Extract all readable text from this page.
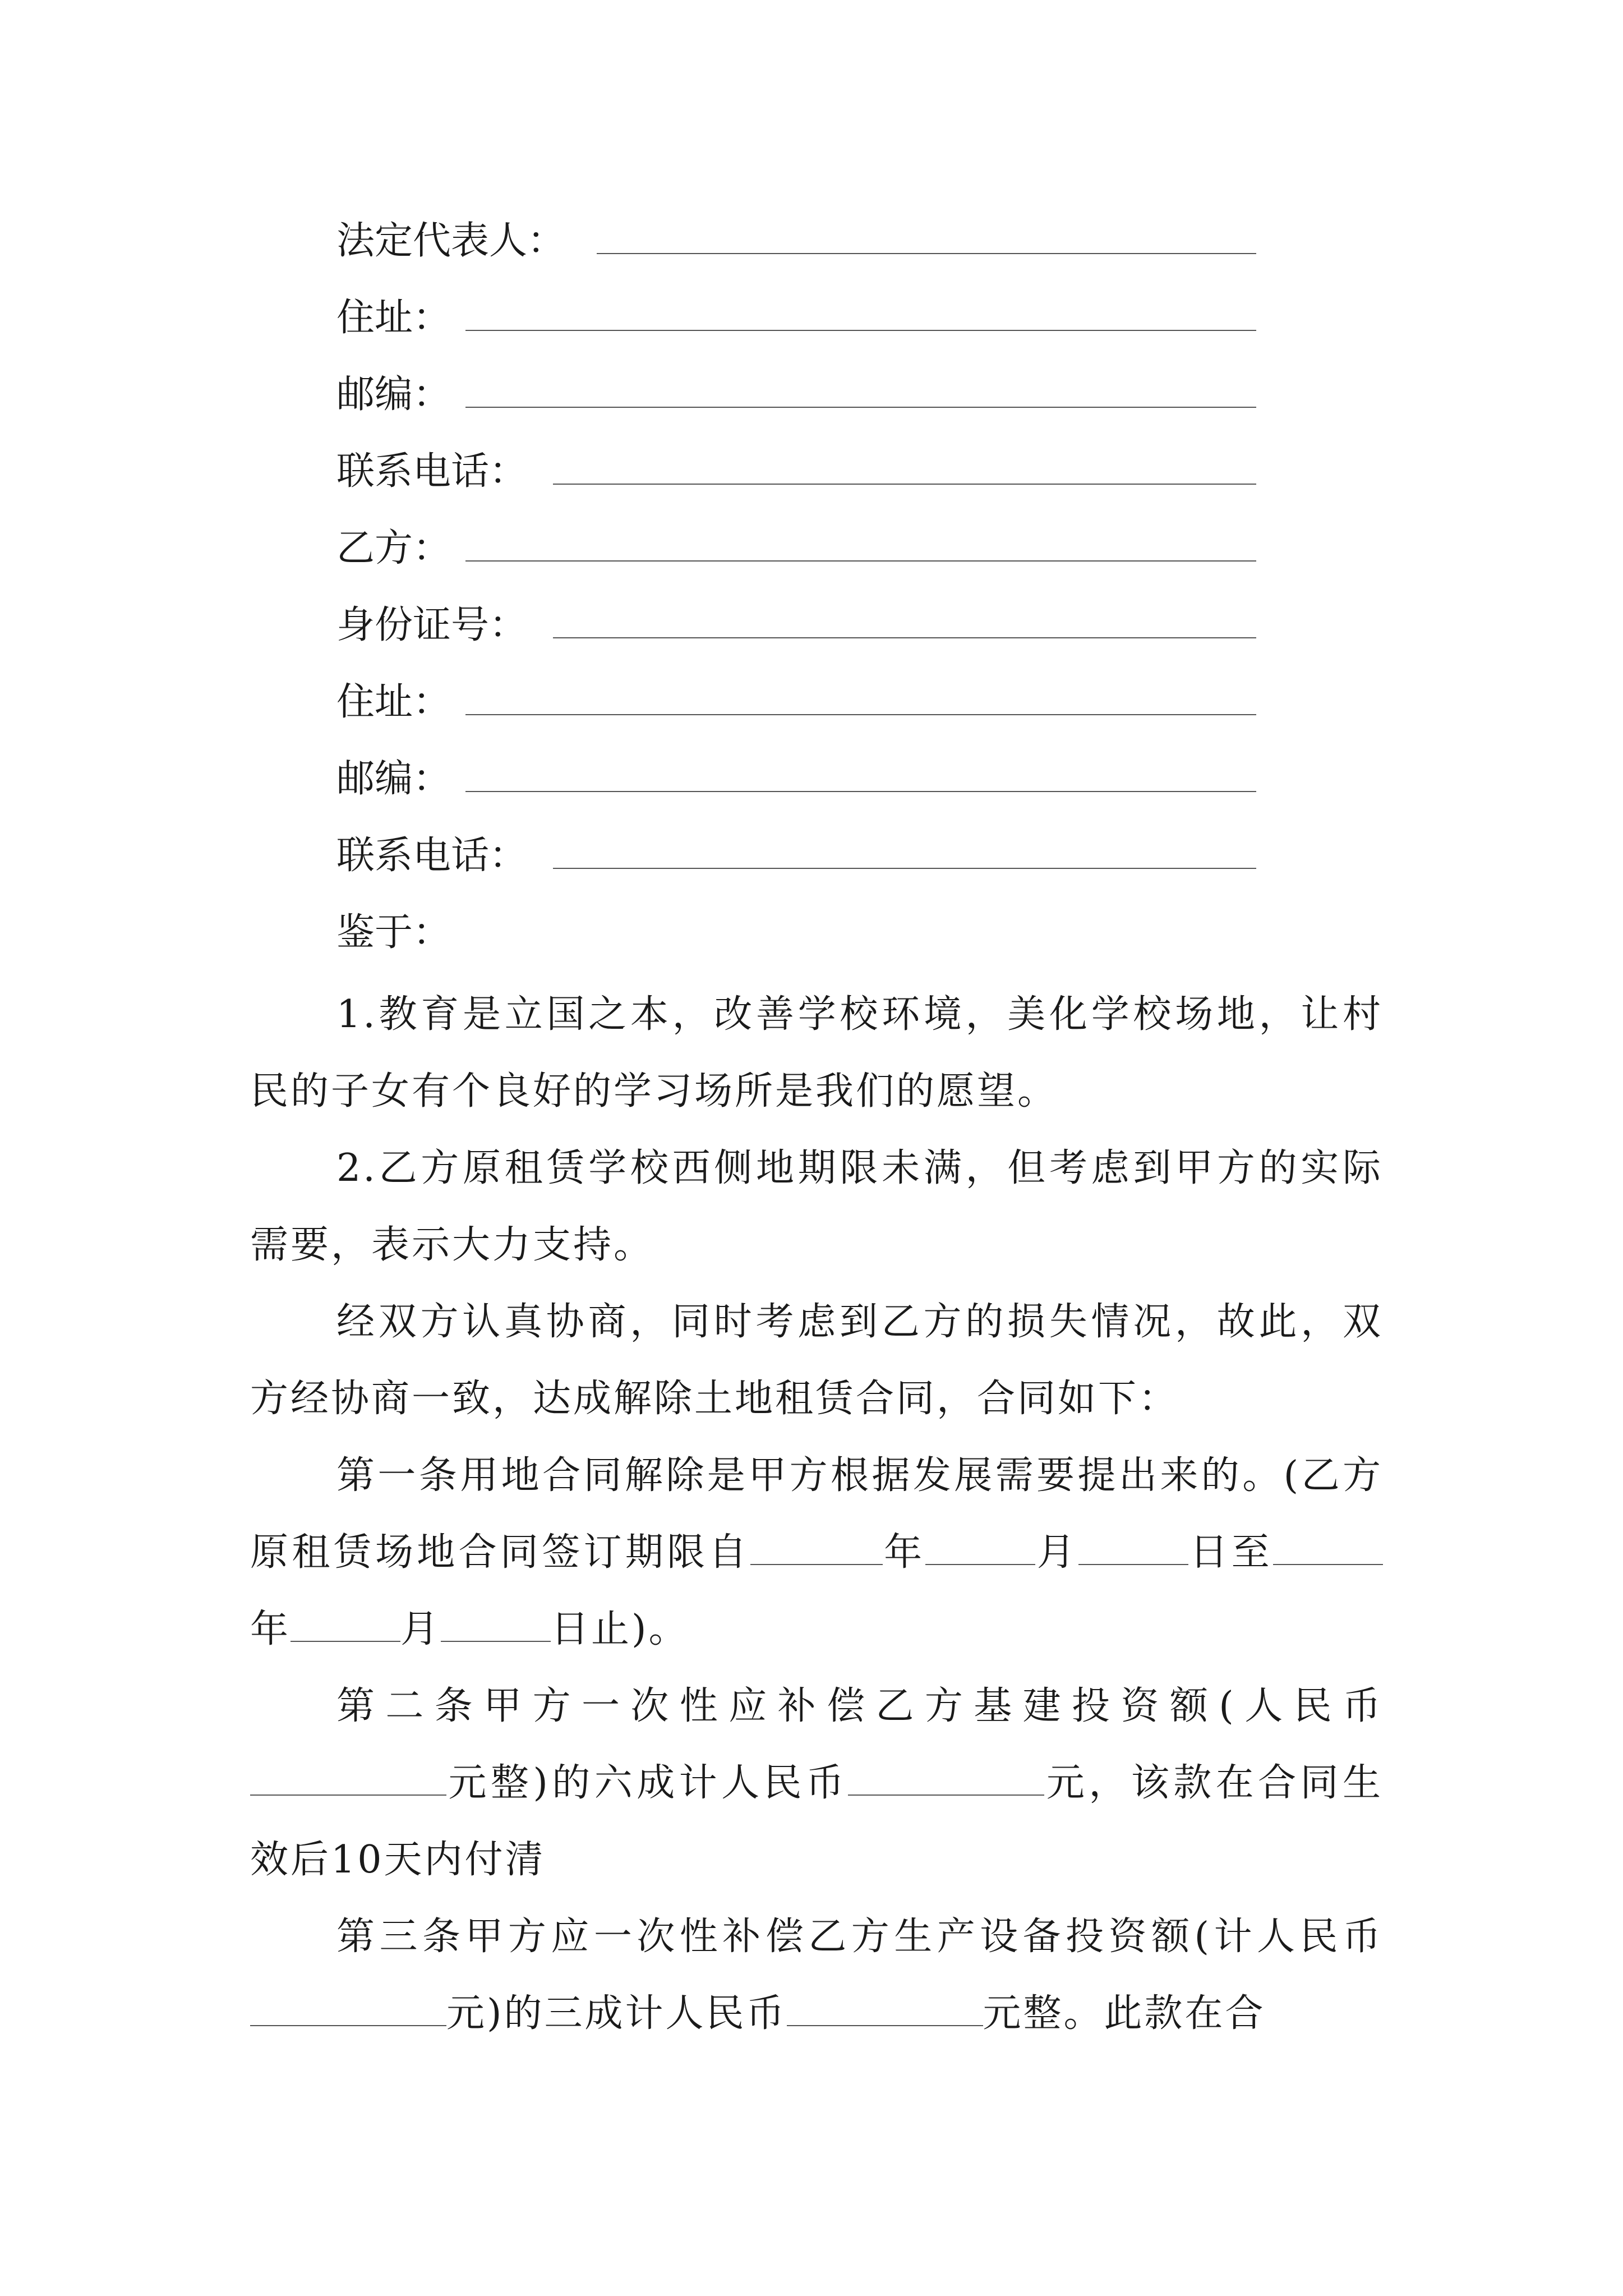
法定代表人：
住址：
邮编：
联系电话：
乙方：
身份证号：
住址：
邮编：
联系电话：
鉴于：
1.教育是立国之本，改善学校环境，美化学校场地，让村民的子女有个良好的学习场所是我们的愿望。
2.乙方原租赁学校西侧地期限未满，但考虑到甲方的实际需要，表示大力支持。
经双方认真协商，同时考虑到乙方的损失情况，故此，双方经协商一致，达成解除土地租赁合同，合同如下：
第一条用地合同解除是甲方根据发展需要提出来的。(乙方原租赁场地合同签订期限自	年	月	日至年	月	日止)。
第二条甲方一次性应补偿乙方基建投资额(人民币元整)的六成计人民币	元，该款在合同生效后10天内付清
第三条甲方应一次性补偿乙方生产设备投资额(计人民币元)的三成计人民币	元整。此款在合
